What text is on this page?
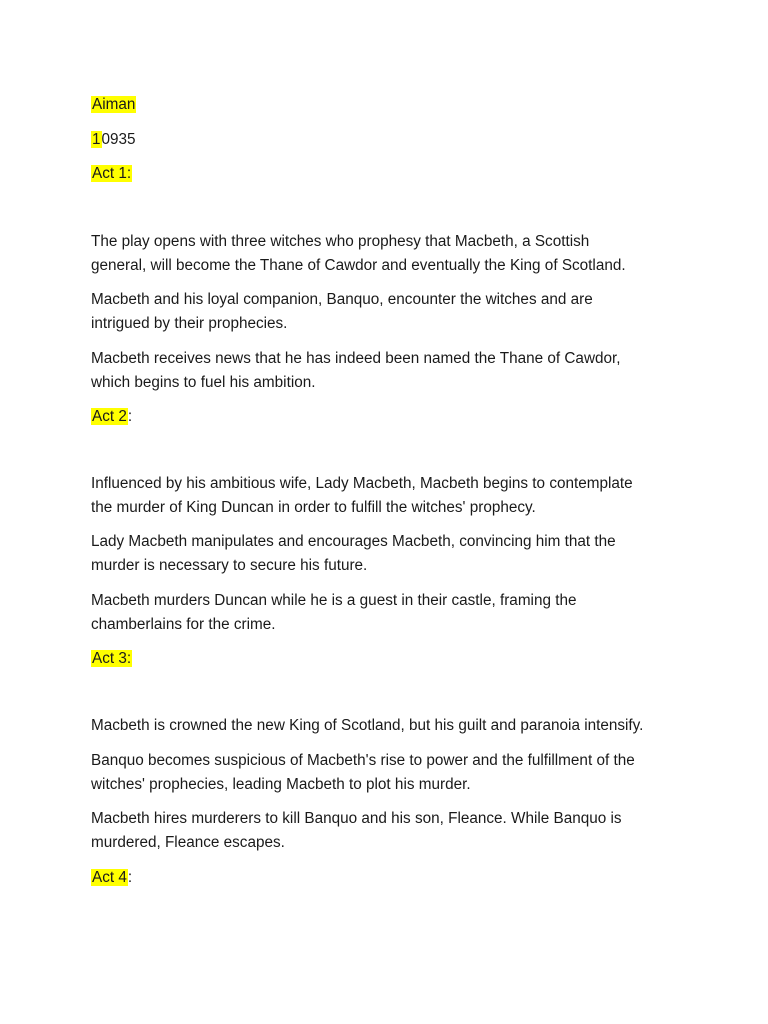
Aiman
10935
Act 1:
The play opens with three witches who prophesy that Macbeth, a Scottish
general, will become the Thane of Cawdor and eventually the King of Scotland.
Macbeth and his loyal companion, Banquo, encounter the witches and are
intrigued by their prophecies.
Macbeth receives news that he has indeed been named the Thane of Cawdor,
which begins to fuel his ambition.
Act 2:
Influenced by his ambitious wife, Lady Macbeth, Macbeth begins to contemplate
the murder of King Duncan in order to fulfill the witches' prophecy.
Lady Macbeth manipulates and encourages Macbeth, convincing him that the
murder is necessary to secure his future.
Macbeth murders Duncan while he is a guest in their castle, framing the
chamberlains for the crime.
Act 3:
Macbeth is crowned the new King of Scotland, but his guilt and paranoia intensify.
Banquo becomes suspicious of Macbeth's rise to power and the fulfillment of the
witches' prophecies, leading Macbeth to plot his murder.
Macbeth hires murderers to kill Banquo and his son, Fleance. While Banquo is
murdered, Fleance escapes.
Act 4:
